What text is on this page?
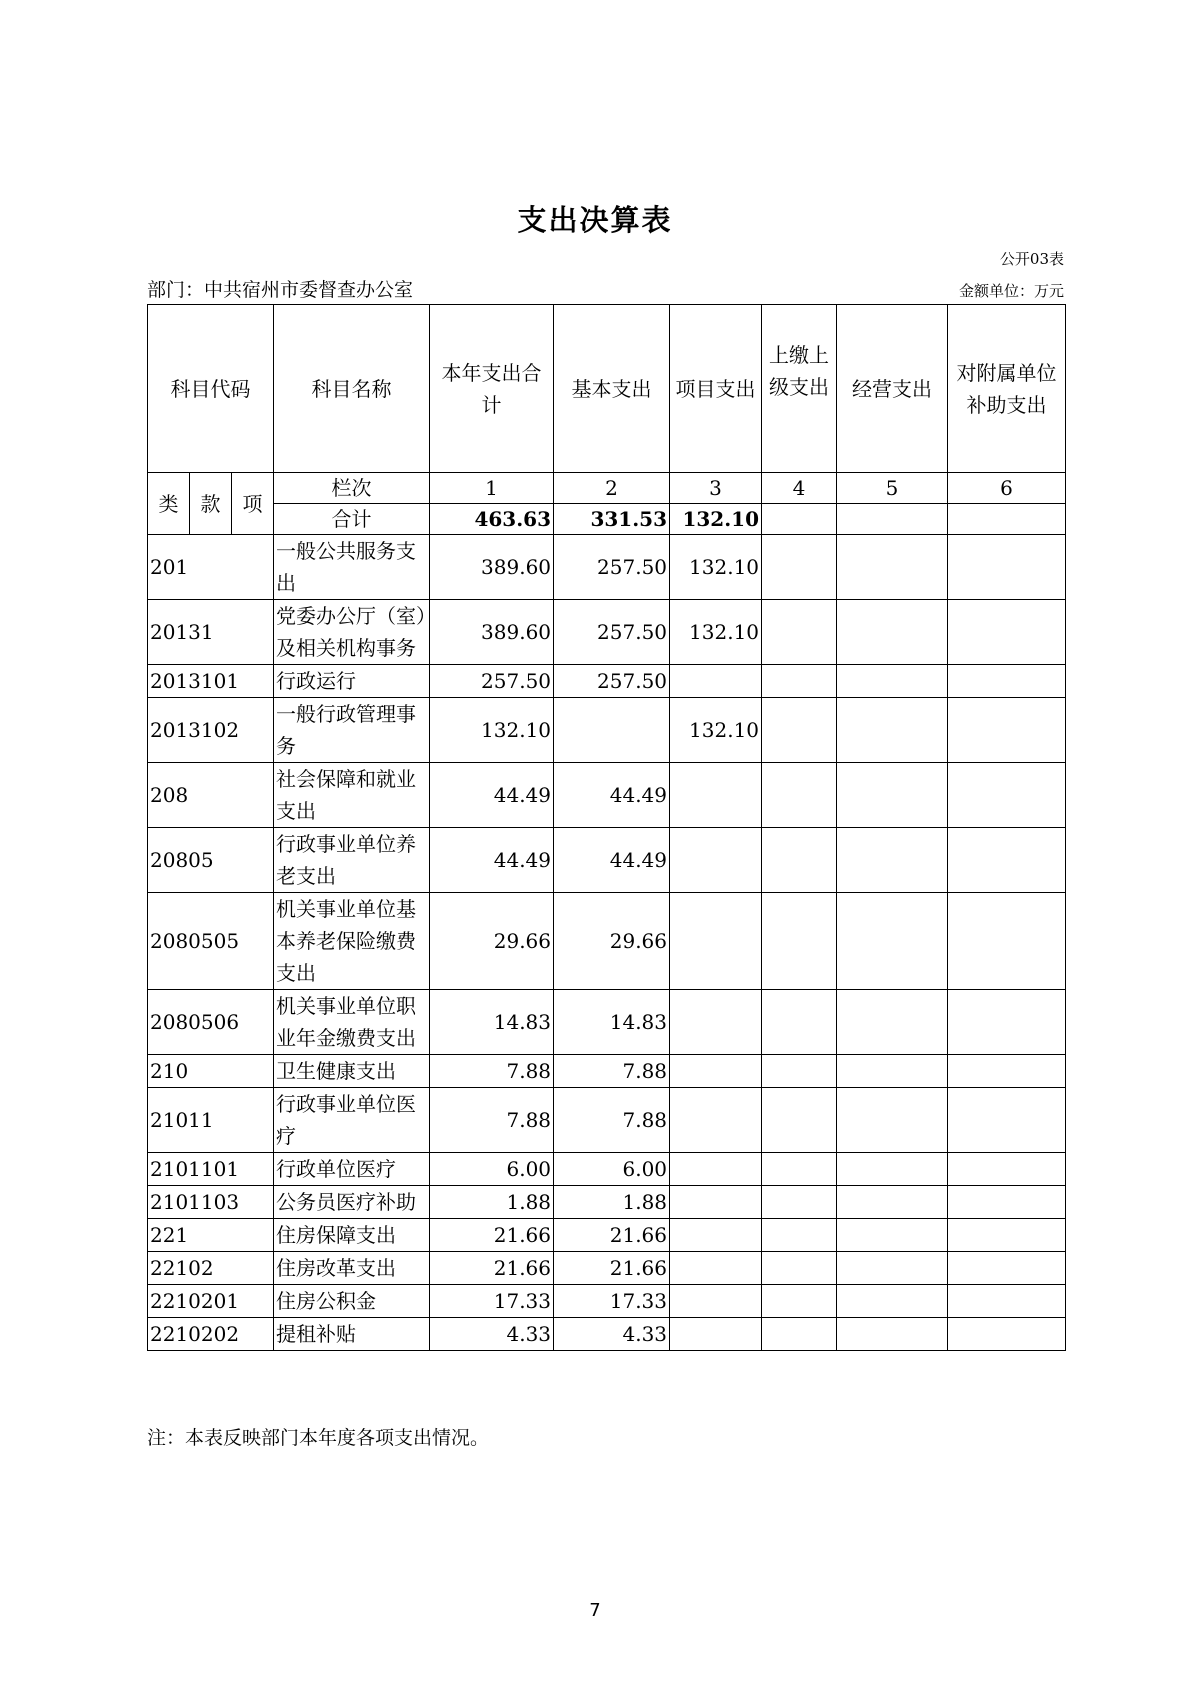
支出决算表
公开03表
部门：中共宿州市委督查办公室	金额单位：万元
科目代码			科目名称	本年支出合计	基本支出	项目支出	上缴上级支出	经营支出	对附属单位补助支出
类	款	项	栏次	1	2	3	4	5	6
			合计	463.63	331.53	132.10			
201			一般公共服务支出	389.60	257.50	132.10			
20131			党委办公厅（室）及相关机构事务	389.60	257.50	132.10			
2013101			行政运行	257.50	257.50				
2013102			一般行政管理事务	132.10		132.10			
208			社会保障和就业支出	44.49	44.49				
20805			行政事业单位养老支出	44.49	44.49				
2080505			机关事业单位基本养老保险缴费支出	29.66	29.66				
2080506			机关事业单位职业年金缴费支出	14.83	14.83				
210			卫生健康支出	7.88	7.88				
21011			行政事业单位医疗	7.88	7.88				
2101101			行政单位医疗	6.00	6.00				
2101103			公务员医疗补助	1.88	1.88				
221			住房保障支出	21.66	21.66				
22102			住房改革支出	21.66	21.66				
2210201			住房公积金	17.33	17.33				
2210202			提租补贴	4.33	4.33				
注：本表反映部门本年度各项支出情况。
7
